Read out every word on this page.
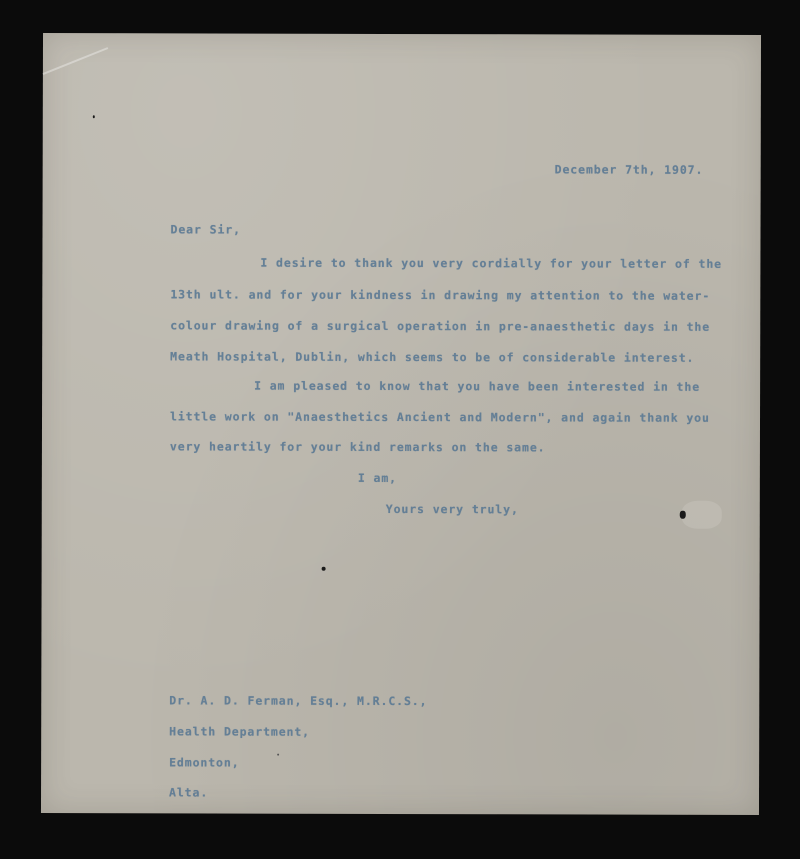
December 7th, 1907.
Dear Sir,
I desire to thank you very cordially for your letter of the
13th ult. and for your kindness in drawing my attention to the water-
colour drawing of a surgical operation in pre-anaesthetic days in the
Meath Hospital, Dublin, which seems to be of considerable interest.
I am pleased to know that you have been interested in the
little work on "Anaesthetics Ancient and Modern", and again thank you
very heartily for your kind remarks on the same.
I am,
Yours very truly,
Dr. A. D. Ferman, Esq., M.R.C.S.,
Health Department,
Edmonton,
Alta.
